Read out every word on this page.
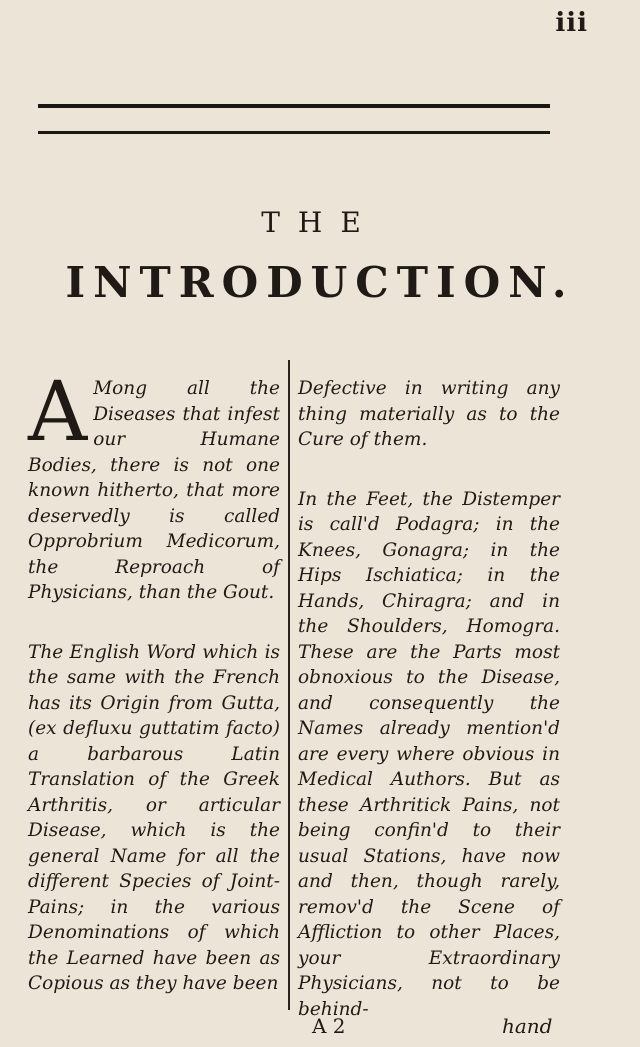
iii
THE
INTRODUCTION.

A Mong all the Diseases that infest our Humane Bodies, there is not one known hitherto, that more deservedly is called Opprobrium Medicorum, the Reproach of Physicians, than the Gout.

The English Word which is the same with the French has its Origin from Gutta, (ex defluxu guttatim facto) a barbarous Latin Translation of the Greek Arthritis, or articular Disease, which is the general Name for all the different Species of Joint-Pains; in the various Denominations of which the Learned have been as Copious as they have been

Defective in writing any thing materially as to the Cure of them.

In the Feet, the Distemper is call'd Podagra; in the Knees, Gonagra; in the Hips Ischiatica; in the Hands, Chiragra; and in the Shoulders, Homogra. These are the Parts most obnoxious to the Disease, and consequently the Names already mention'd are every where obvious in Medical Authors. But as these Arthritick Pains, not being confin'd to their usual Stations, have now and then, though rarely, remov'd the Scene of Affliction to other Places, your Extraordinary Physicians, not to be behind-

A 2	hand
